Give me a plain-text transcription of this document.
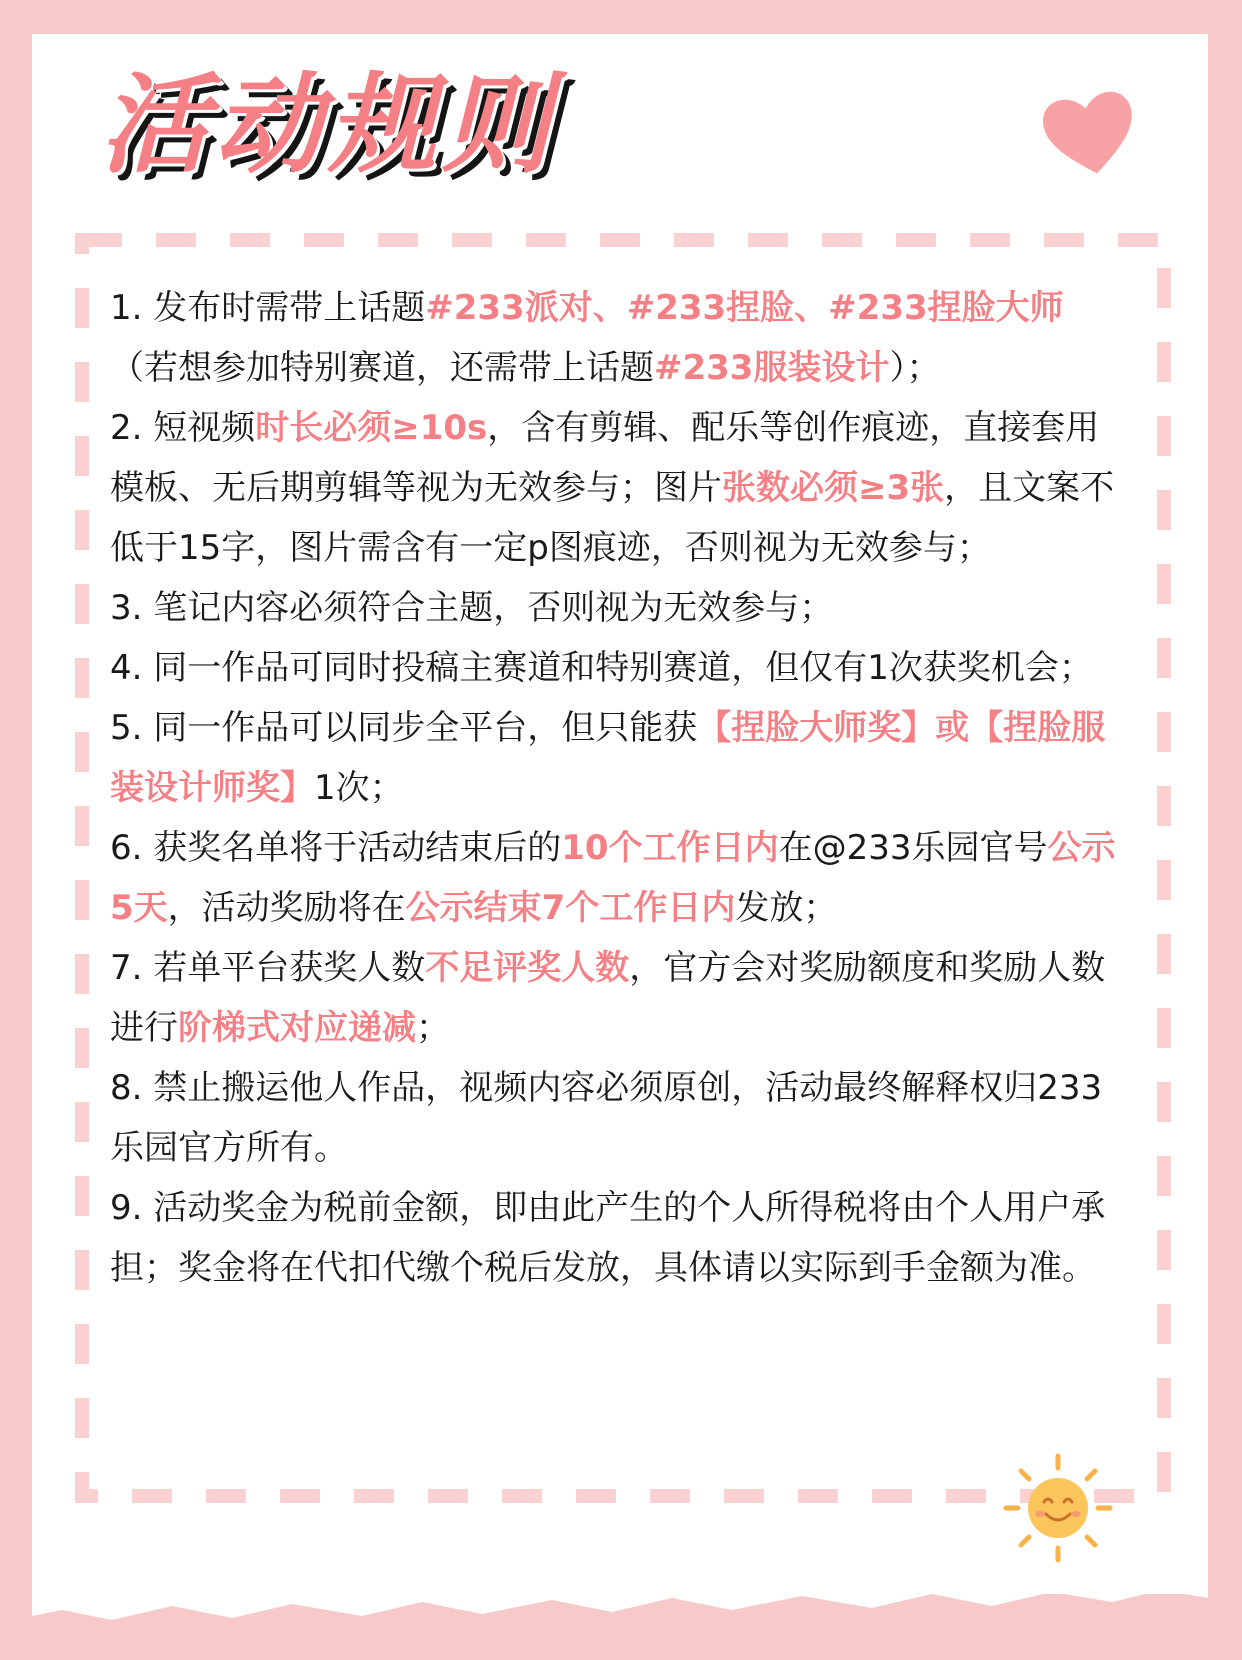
活动规则

1. 发布时需带上话题#233派对、#233捏脸、#233捏脸大师（若想参加特别赛道，还需带上话题#233服装设计）；

2. 短视频时长必须≥10s，含有剪辑、配乐等创作痕迹，直接套用模板、无后期剪辑等视为无效参与；图片张数必须≥3张，且文案不低于15字，图片需含有一定p图痕迹，否则视为无效参与；

3. 笔记内容必须符合主题，否则视为无效参与；

4. 同一作品可同时投稿主赛道和特别赛道，但仅有1次获奖机会；

5. 同一作品可以同步全平台，但只能获【捏脸大师奖】或【捏脸服装设计师奖】1次；

6. 获奖名单将于活动结束后的10个工作日内在@233乐园官号公示5天，活动奖励将在公示结束7个工作日内发放；

7. 若单平台获奖人数不足评奖人数，官方会对奖励额度和奖励人数进行阶梯式对应递减；

8. 禁止搬运他人作品，视频内容必须原创，活动最终解释权归233乐园官方所有。

9. 活动奖金为税前金额，即由此产生的个人所得税将由个人用户承担；奖金将在代扣代缴个税后发放，具体请以实际到手金额为准。
